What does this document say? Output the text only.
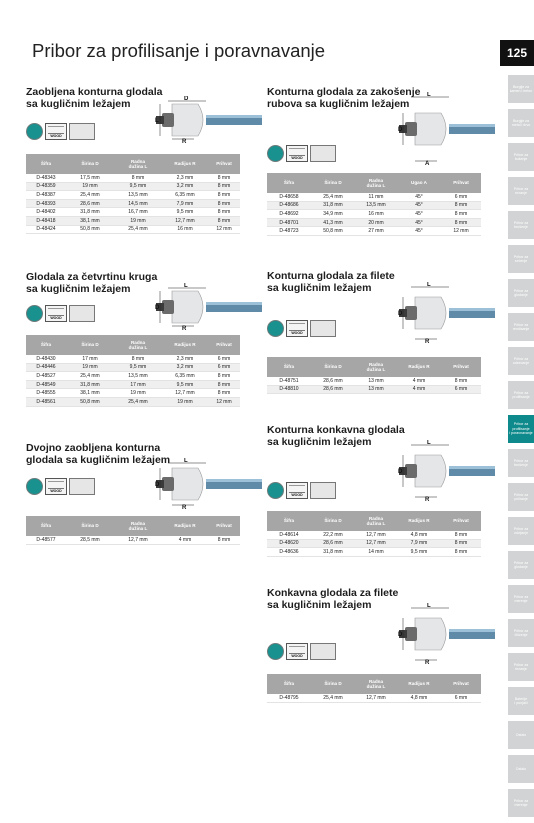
Pribor za profilisanje i poravnavanje	125
Burgije za
kamen i beton
Burgije za
metal i drvo
Pribor za
bušenje
Pribor za
rezanje
Pribor za
brušenje
Pribor za
sečenje
Pribor za
glodanje
Pribor za
rendisanje
Pribor za
odsecanje
Pribor za
profilisanje
Pribor za
profilisanje
i poravnavanje
Pribor za
brušenje
Pribor za
poliranje
Pribor za
odvijanje
Pribor za
glodanje
Pribor za
merenje
Pribor za
čišćenje
Pribor za
rezanje
Baterije
i punjači
Ostalo
Ostalo
Pribor za
merenje
Zaobljena konturna glodala
sa kugličnim ležajem
WOOD
D
L
R
Šifra	Širina D	Radna
dužina L	Radijus R	Prihvat
D-48343	17,5 mm	8 mm	2,3 mm	8 mm
D-48359	19 mm	9,5 mm	3,2 mm	8 mm
D-48387	25,4 mm	13,5 mm	6,35 mm	8 mm
D-48393	28,6 mm	14,5 mm	7,9 mm	8 mm
D-48402	31,8 mm	16,7 mm	9,5 mm	8 mm
D-48418	38,1 mm	19 mm	12,7 mm	8 mm
D-48424	50,8 mm	25,4 mm	16 mm	12 mm
Glodala za četvrtinu kruga
sa kugličnim ležajem
WOOD
L
D
R
Šifra	Širina D	Radna
dužina L	Radijus R	Prihvat
D-48430	17 mm	8 mm	2,3 mm	6 mm
D-48446	19 mm	9,5 mm	3,2 mm	6 mm
D-48527	25,4 mm	13,5 mm	6,35 mm	8 mm
D-48549	31,8 mm	17 mm	9,5 mm	8 mm
D-48555	38,1 mm	19 mm	12,7 mm	8 mm
D-48561	50,8 mm	25,4 mm	19 mm	12 mm
Dvojno zaobljena konturna
glodala sa kugličnim ležajem
WOOD
L
D
R
Šifra	Širina D	Radna
dužina L	Radijus R	Prihvat
D-48577	28,5 mm	12,7 mm	4 mm	8 mm
Konturna glodala za zakošenje
rubova sa kugličnim ležajem
WOOD
L
D
A
Šifra	Širina D	Radna
dužina L	Ugao A	Prihvat
D-48658	25,4 mm	11 mm	45°	6 mm
D-48686	31,8 mm	13,5 mm	45°	8 mm
D-48692	34,9 mm	16 mm	45°	8 mm
D-48701	41,3 mm	20 mm	45°	8 mm
D-48723	50,8 mm	27 mm	45°	12 mm
Konturna glodala za filete
sa kugličnim ležajem
WOOD
L
D
R
Šifra	Širina D	Radna
dužina L	Radijus R	Prihvat
D-48751	28,6 mm	13 mm	4 mm	8 mm
D-48810	28,6 mm	13 mm	4 mm	6 mm
Konturna konkavna glodala
sa kugličnim ležajem
WOOD
L
D
R
Šifra	Širina D	Radna
dužina L	Radijus R	Prihvat
D-48614	22,2 mm	12,7 mm	4,8 mm	8 mm
D-48620	28,6 mm	12,7 mm	7,9 mm	8 mm
D-48636	31,8 mm	14 mm	9,5 mm	8 mm
Konkavna glodala za filete
sa kugličnim ležajem
WOOD
L
D
R
Šifra	Širina D	Radna
dužina L	Radijus R	Prihvat
D-48795	25,4 mm	12,7 mm	4,8 mm	6 mm
